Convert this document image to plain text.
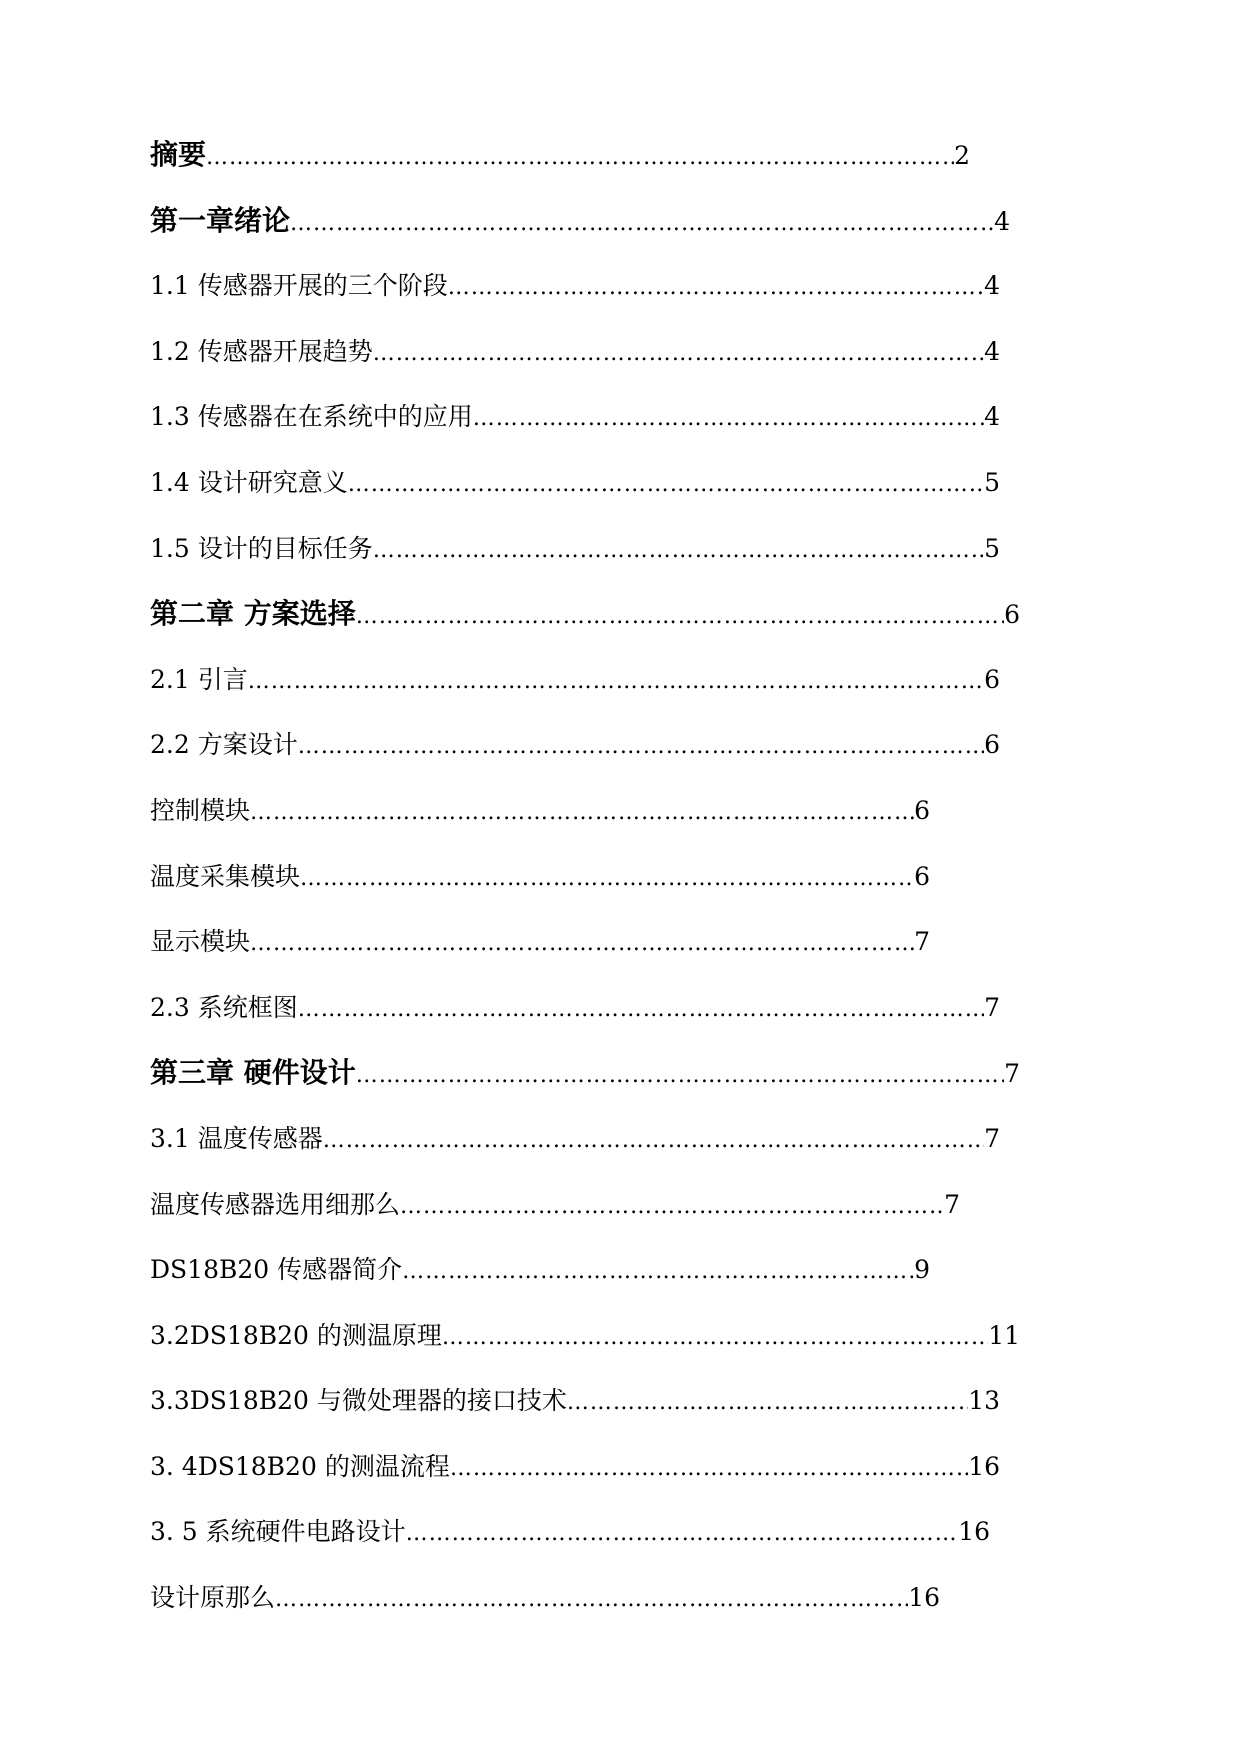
摘要 ………………………………………………………………………………………………………………………………………………………………………	2
第一章绪论 ………………………………………………………………………………………………………………………………………………………………………	4
1.1 传感器开展的三个阶段 ………………………………………………………………………………………………………………………………………………………………………	4
1.2 传感器开展趋势 ………………………………………………………………………………………………………………………………………………………………………	4
1.3 传感器在在系统中的应用 ………………………………………………………………………………………………………………………………………………………………………	4
1.4 设计研究意义 ………………………………………………………………………………………………………………………………………………………………………	5
1.5 设计的目标任务 ………………………………………………………………………………………………………………………………………………………………………	5
第二章 方案选择 ………………………………………………………………………………………………………………………………………………………………………	6
2.1 引言 ………………………………………………………………………………………………………………………………………………………………………	6
2.2 方案设计 ………………………………………………………………………………………………………………………………………………………………………	6
控制模块 ………………………………………………………………………………………………………………………………………………………………………	6
温度采集模块 ………………………………………………………………………………………………………………………………………………………………………	6
显示模块 ………………………………………………………………………………………………………………………………………………………………………	7
2.3 系统框图 ………………………………………………………………………………………………………………………………………………………………………	7
第三章 硬件设计 ………………………………………………………………………………………………………………………………………………………………………	7
3.1 温度传感器 ………………………………………………………………………………………………………………………………………………………………………	7
温度传感器选用细那么 ………………………………………………………………………………………………………………………………………………………………………	7
DS18B20 传感器简介 ………………………………………………………………………………………………………………………………………………………………………	9
3.2DS18B20 的测温原理 ………………………………………………………………………………………………………………………………………………………………………	11
3.3DS18B20 与微处理器的接口技术 ………………………………………………………………………………………………………………………………………………………………………	13
3. 4DS18B20 的测温流程 ………………………………………………………………………………………………………………………………………………………………………	16
3. 5 系统硬件电路设计 ………………………………………………………………………………………………………………………………………………………………………	16
设计原那么 ………………………………………………………………………………………………………………………………………………………………………	16
